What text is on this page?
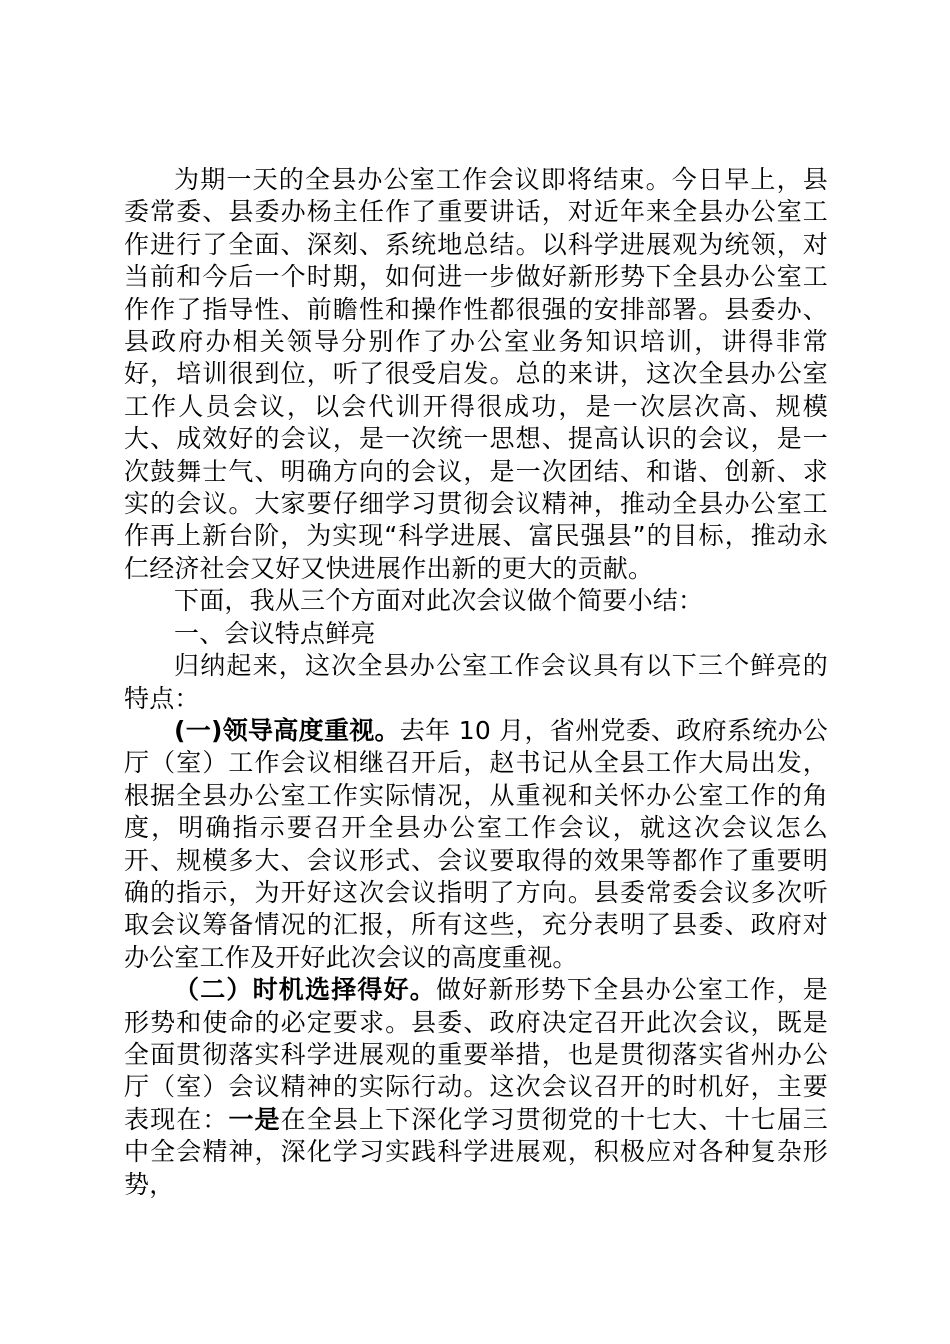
为期一天的全县办公室工作会议即将结束。今日早上，县委常委、县委办杨主任作了重要讲话，对近年来全县办公室工作进行了全面、深刻、系统地总结。以科学进展观为统领，对当前和今后一个时期，如何进一步做好新形势下全县办公室工作作了指导性、前瞻性和操作性都很强的安排部署。县委办、县政府办相关领导分别作了办公室业务知识培训，讲得非常好，培训很到位，听了很受启发。总的来讲，这次全县办公室工作人员会议，以会代训开得很成功，是一次层次高、规模大、成效好的会议，是一次统一思想、提高认识的会议，是一次鼓舞士气、明确方向的会议，是一次团结、和谐、创新、求实的会议。大家要仔细学习贯彻会议精神，推动全县办公室工作再上新台阶，为实现“科学进展、富民强县”的目标，推动永仁经济社会又好又快进展作出新的更大的贡献。

下面，我从三个方面对此次会议做个简要小结：

一、会议特点鲜亮

归纳起来，这次全县办公室工作会议具有以下三个鲜亮的特点：

(一)领导高度重视。去年 10 月，省州党委、政府系统办公厅（室）工作会议相继召开后，赵书记从全县工作大局出发，根据全县办公室工作实际情况，从重视和关怀办公室工作的角度，明确指示要召开全县办公室工作会议，就这次会议怎么开、规模多大、会议形式、会议要取得的效果等都作了重要明确的指示，为开好这次会议指明了方向。县委常委会议多次听取会议筹备情况的汇报，所有这些，充分表明了县委、政府对办公室工作及开好此次会议的高度重视。

（二）时机选择得好。做好新形势下全县办公室工作，是形势和使命的必定要求。县委、政府决定召开此次会议，既是全面贯彻落实科学进展观的重要举措，也是贯彻落实省州办公厅（室）会议精神的实际行动。这次会议召开的时机好，主要表现在：一是在全县上下深化学习贯彻党的十七大、十七届三中全会精神，深化学习实践科学进展观，积极应对各种复杂形势，
